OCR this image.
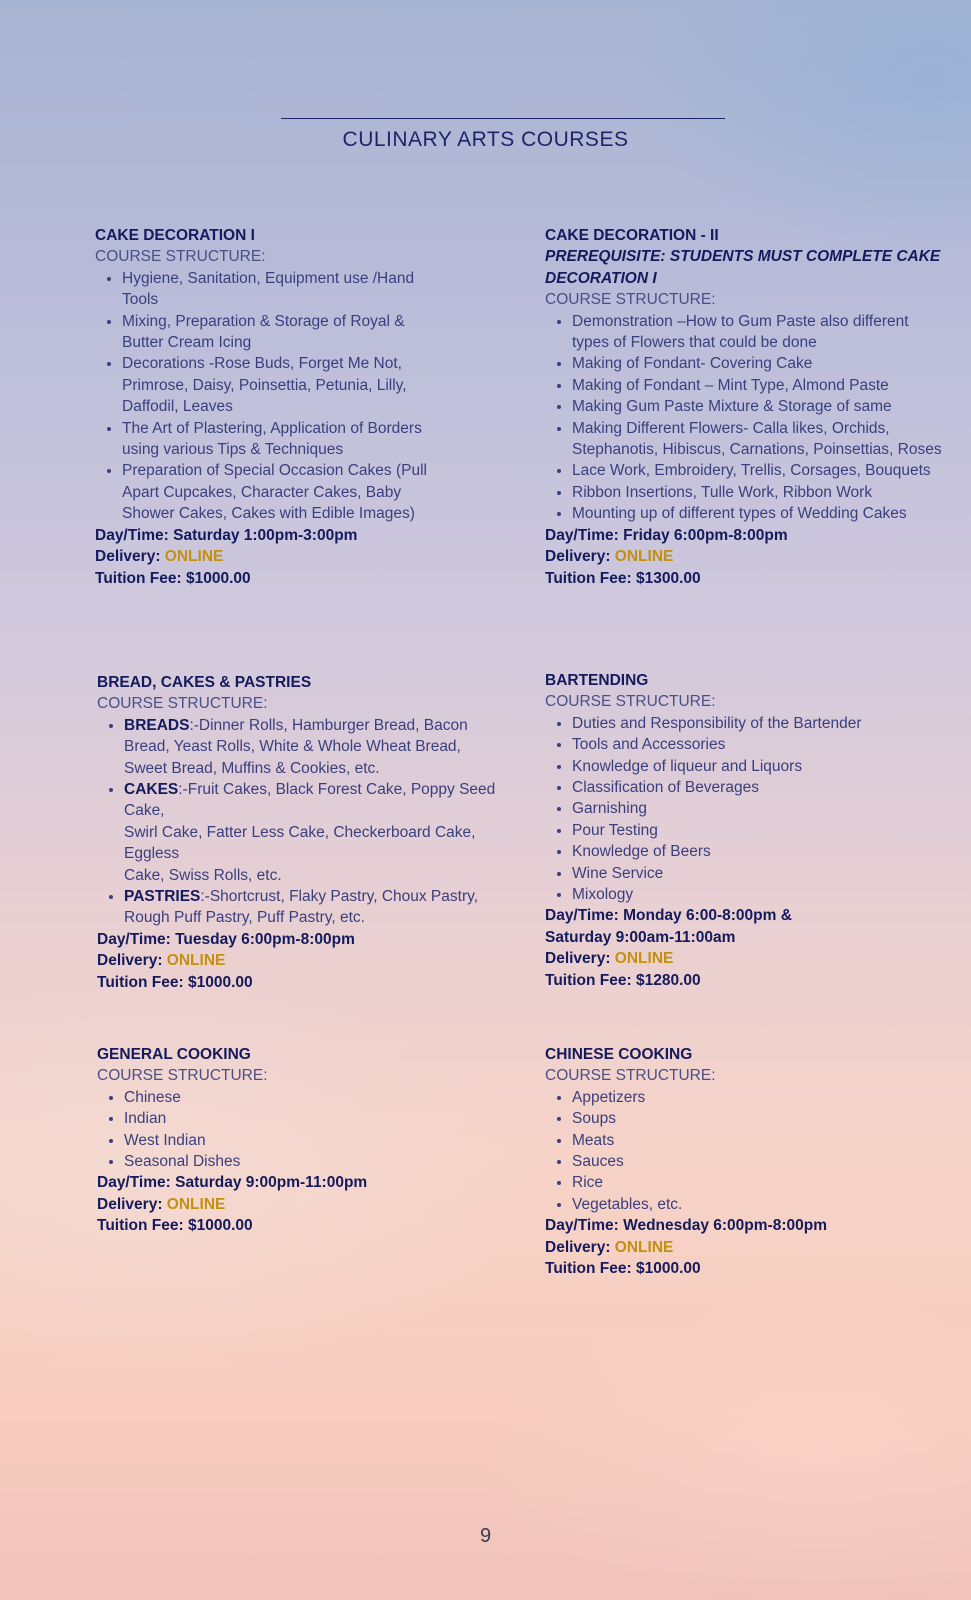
CULINARY ARTS COURSES
CAKE DECORATION I
COURSE STRUCTURE:
• Hygiene, Sanitation, Equipment use /Hand Tools
• Mixing, Preparation & Storage of Royal & Butter Cream Icing
• Decorations -Rose Buds, Forget Me Not, Primrose, Daisy, Poinsettia, Petunia, Lilly, Daffodil, Leaves
• The Art of Plastering, Application of Borders using various Tips & Techniques
• Preparation of Special Occasion Cakes (Pull Apart Cupcakes, Character Cakes, Baby Shower Cakes, Cakes with Edible Images)
Day/Time: Saturday 1:00pm-3:00pm
Delivery: ONLINE
Tuition Fee: $1000.00
CAKE DECORATION - II
PREREQUISITE: STUDENTS MUST COMPLETE CAKE DECORATION I
COURSE STRUCTURE:
• Demonstration –How to Gum Paste also different types of Flowers that could be done
• Making of Fondant- Covering Cake
• Making of Fondant – Mint Type, Almond Paste
• Making Gum Paste Mixture & Storage of same
• Making Different Flowers- Calla likes, Orchids, Stephanotis, Hibiscus, Carnations, Poinsettias, Roses
• Lace Work, Embroidery, Trellis, Corsages, Bouquets
• Ribbon Insertions, Tulle Work, Ribbon Work
• Mounting up of different types of Wedding Cakes
Day/Time: Friday 6:00pm-8:00pm
Delivery: ONLINE
Tuition Fee: $1300.00
BREAD, CAKES & PASTRIES
COURSE STRUCTURE:
• BREADS:-Dinner Rolls, Hamburger Bread, Bacon Bread, Yeast Rolls, White & Whole Wheat Bread, Sweet Bread, Muffins & Cookies, etc.
• CAKES:-Fruit Cakes, Black Forest Cake, Poppy Seed Cake,
Swirl Cake, Fatter Less Cake, Checkerboard Cake, Eggless
Cake, Swiss Rolls, etc.
• PASTRIES:-Shortcrust, Flaky Pastry, Choux Pastry, Rough Puff Pastry, Puff Pastry, etc.
Day/Time: Tuesday 6:00pm-8:00pm
Delivery: ONLINE
Tuition Fee: $1000.00
BARTENDING
COURSE STRUCTURE:
• Duties and Responsibility of the Bartender
• Tools and Accessories
• Knowledge of liqueur and Liquors
• Classification of Beverages
• Garnishing
• Pour Testing
• Knowledge of Beers
• Wine Service
• Mixology
Day/Time: Monday 6:00-8:00pm &
Saturday 9:00am-11:00am
Delivery: ONLINE
Tuition Fee: $1280.00
GENERAL COOKING
COURSE STRUCTURE:
• Chinese
• Indian
• West Indian
• Seasonal Dishes
Day/Time: Saturday 9:00pm-11:00pm
Delivery: ONLINE
Tuition Fee: $1000.00
CHINESE COOKING
COURSE STRUCTURE:
• Appetizers
• Soups
• Meats
• Sauces
• Rice
• Vegetables, etc.
Day/Time: Wednesday 6:00pm-8:00pm
Delivery: ONLINE
Tuition Fee: $1000.00
9
